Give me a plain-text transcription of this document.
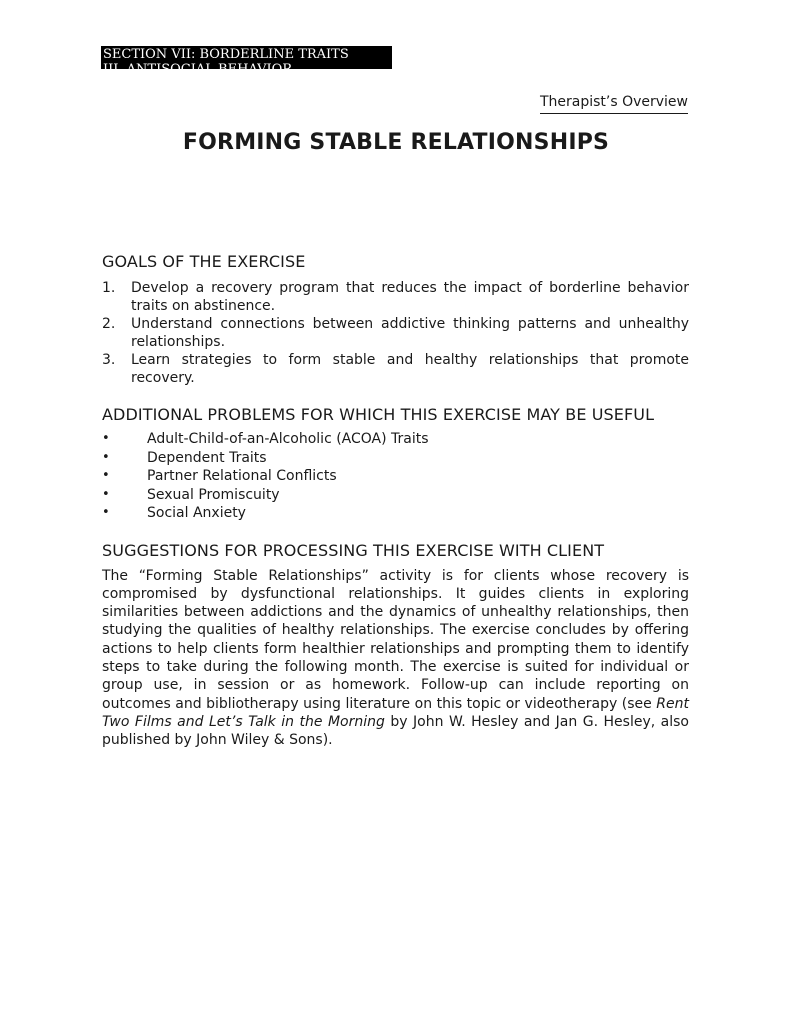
SECTION VII: BORDERLINE TRAITS
III. ANTISOCIAL BEHAVIOR
Therapist’s Overview
FORMING STABLE RELATIONSHIPS
GOALS OF THE EXERCISE
1. Develop a recovery program that reduces the impact of borderline behavior traits on abstinence.
2. Understand connections between addictive thinking patterns and unhealthy relationships.
3. Learn strategies to form stable and healthy relationships that promote recovery.
ADDITIONAL PROBLEMS FOR WHICH THIS EXERCISE MAY BE USEFUL
•	Adult-Child-of-an-Alcoholic (ACOA) Traits
•	Dependent Traits
•	Partner Relational Conflicts
•	Sexual Promiscuity
•	Social Anxiety
SUGGESTIONS FOR PROCESSING THIS EXERCISE WITH CLIENT

The “Forming Stable Relationships” activity is for clients whose recovery is compromised by dysfunctional relationships. It guides clients in exploring similarities between addictions and the dynamics of unhealthy relationships, then studying the qualities of healthy relationships. The exercise concludes by offering actions to help clients form healthier relationships and prompting them to identify steps to take during the following month. The exercise is suited for individual or group use, in session or as homework. Follow-up can include reporting on outcomes and bibliotherapy using literature on this topic or videotherapy (see Rent Two Films and Let’s Talk in the Morning by John W. Hesley and Jan G. Hesley, also published by John Wiley & Sons).
